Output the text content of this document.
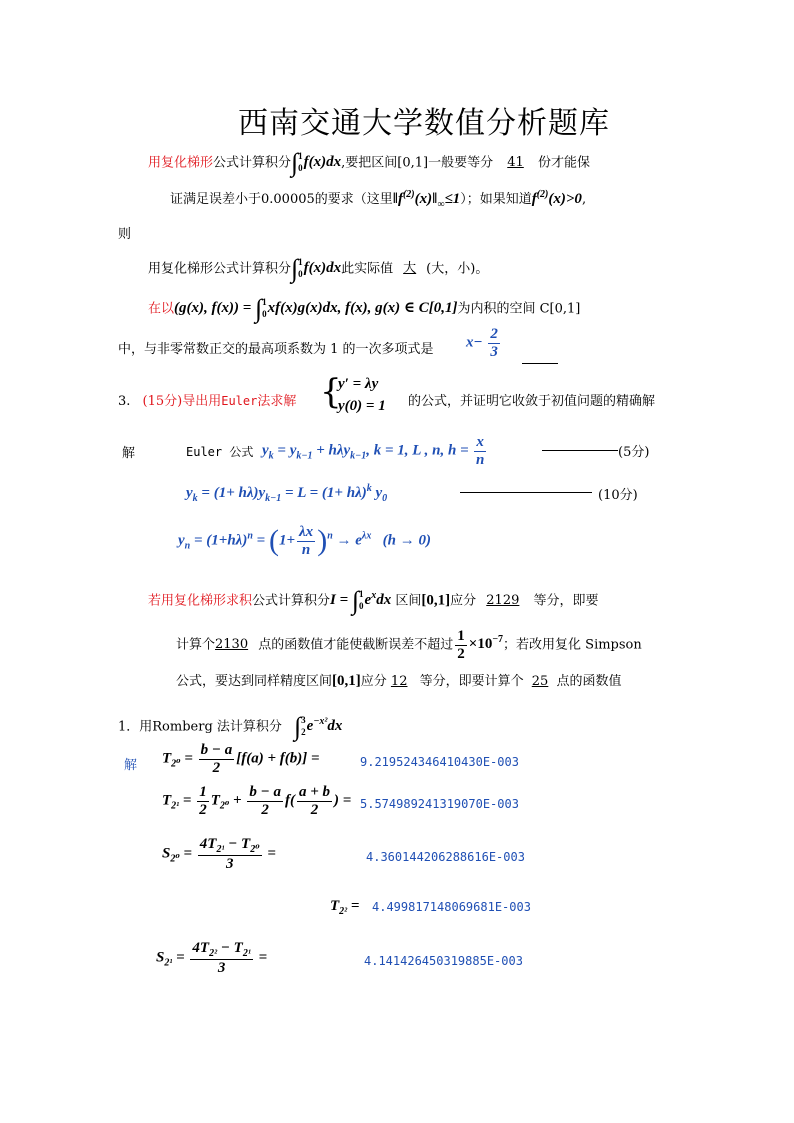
西南交通大学数值分析题库
用复化梯形公式计算积分∫ 1
0 f(x)dx,要把区间[0,1]一般要等分 41 份才能保
证满足误差小于0.00005的要求（这里$‖f^{(2)}(x)‖_\infty\le 1$）；如果知道$f^{(2)}(x)>0$,
则
用复化梯形公式计算积分∫ 1
0 f(x)dx此实际值 大 (大，小)。
在以(g(x), f(x)) = ∫ 1
0 xf(x)g(x)dx, f(x), g(x) ∈ C[0,1]为内积的空间 C[0,1]
中，与非零常数正交的最高项系数为 1 的一次多项式是 $x- \frac{2}{3}$
3. (15分)导出用Euler法求解 {
y′ = λy
y(0) = 1 的公式，并证明它收敛于初值问题的精确解
解	Euler 公式 $y_k = y_{k-1} + h\lambda y_{k-1}$, k = 1, L , n, $h = \frac{x}{n}$	(5分)
$y_k = (1+ h\lambda)y_{k-1} = L = (1+ h\lambda)^k$ $y_0$	(10分)
$y_n = (1+h\lambda)^n = (1+ \frac{\lambda x}{n} )^n \to e^{\lambda x}$   (h → 0)
若用复化梯形求积公式计算积分I = ∫ 1
0 $e^xdx$ 区间[0,1]应分 2129 等分，即要
计算个2130 点的函数值才能使截断误差不超过 $\frac{1}{2} \times 10^{-7}$；若改用复化 Simpson
公式，要达到同样精度区间[0,1]应分 12 等分，即要计算个 25 点的函数值
1．用Romberg 法计算积分 ∫ 3
2 $e^{-x^2}dx$
解 $T_{2^0} = \frac{b - a}{2} [f(a) + f(b)]$ =	9.219524346410430E-003
$T_{2^1} = \frac{1}{2} T_{2^0} + \frac{b - a}{2} f( \frac{a + b}{2}$ ) = 5.574989241319070E-003
$S_{2^0} = \frac{4T_{2^1} - T_{2^0}}{3}$ =	4.360144206288616E-003
$T_{2^2} = 4.499817148069681E-003$
$S_{2^1} = \frac{4T_{2^2} - T_{2^1}}{3}$ =	4.141426450319885E-003
